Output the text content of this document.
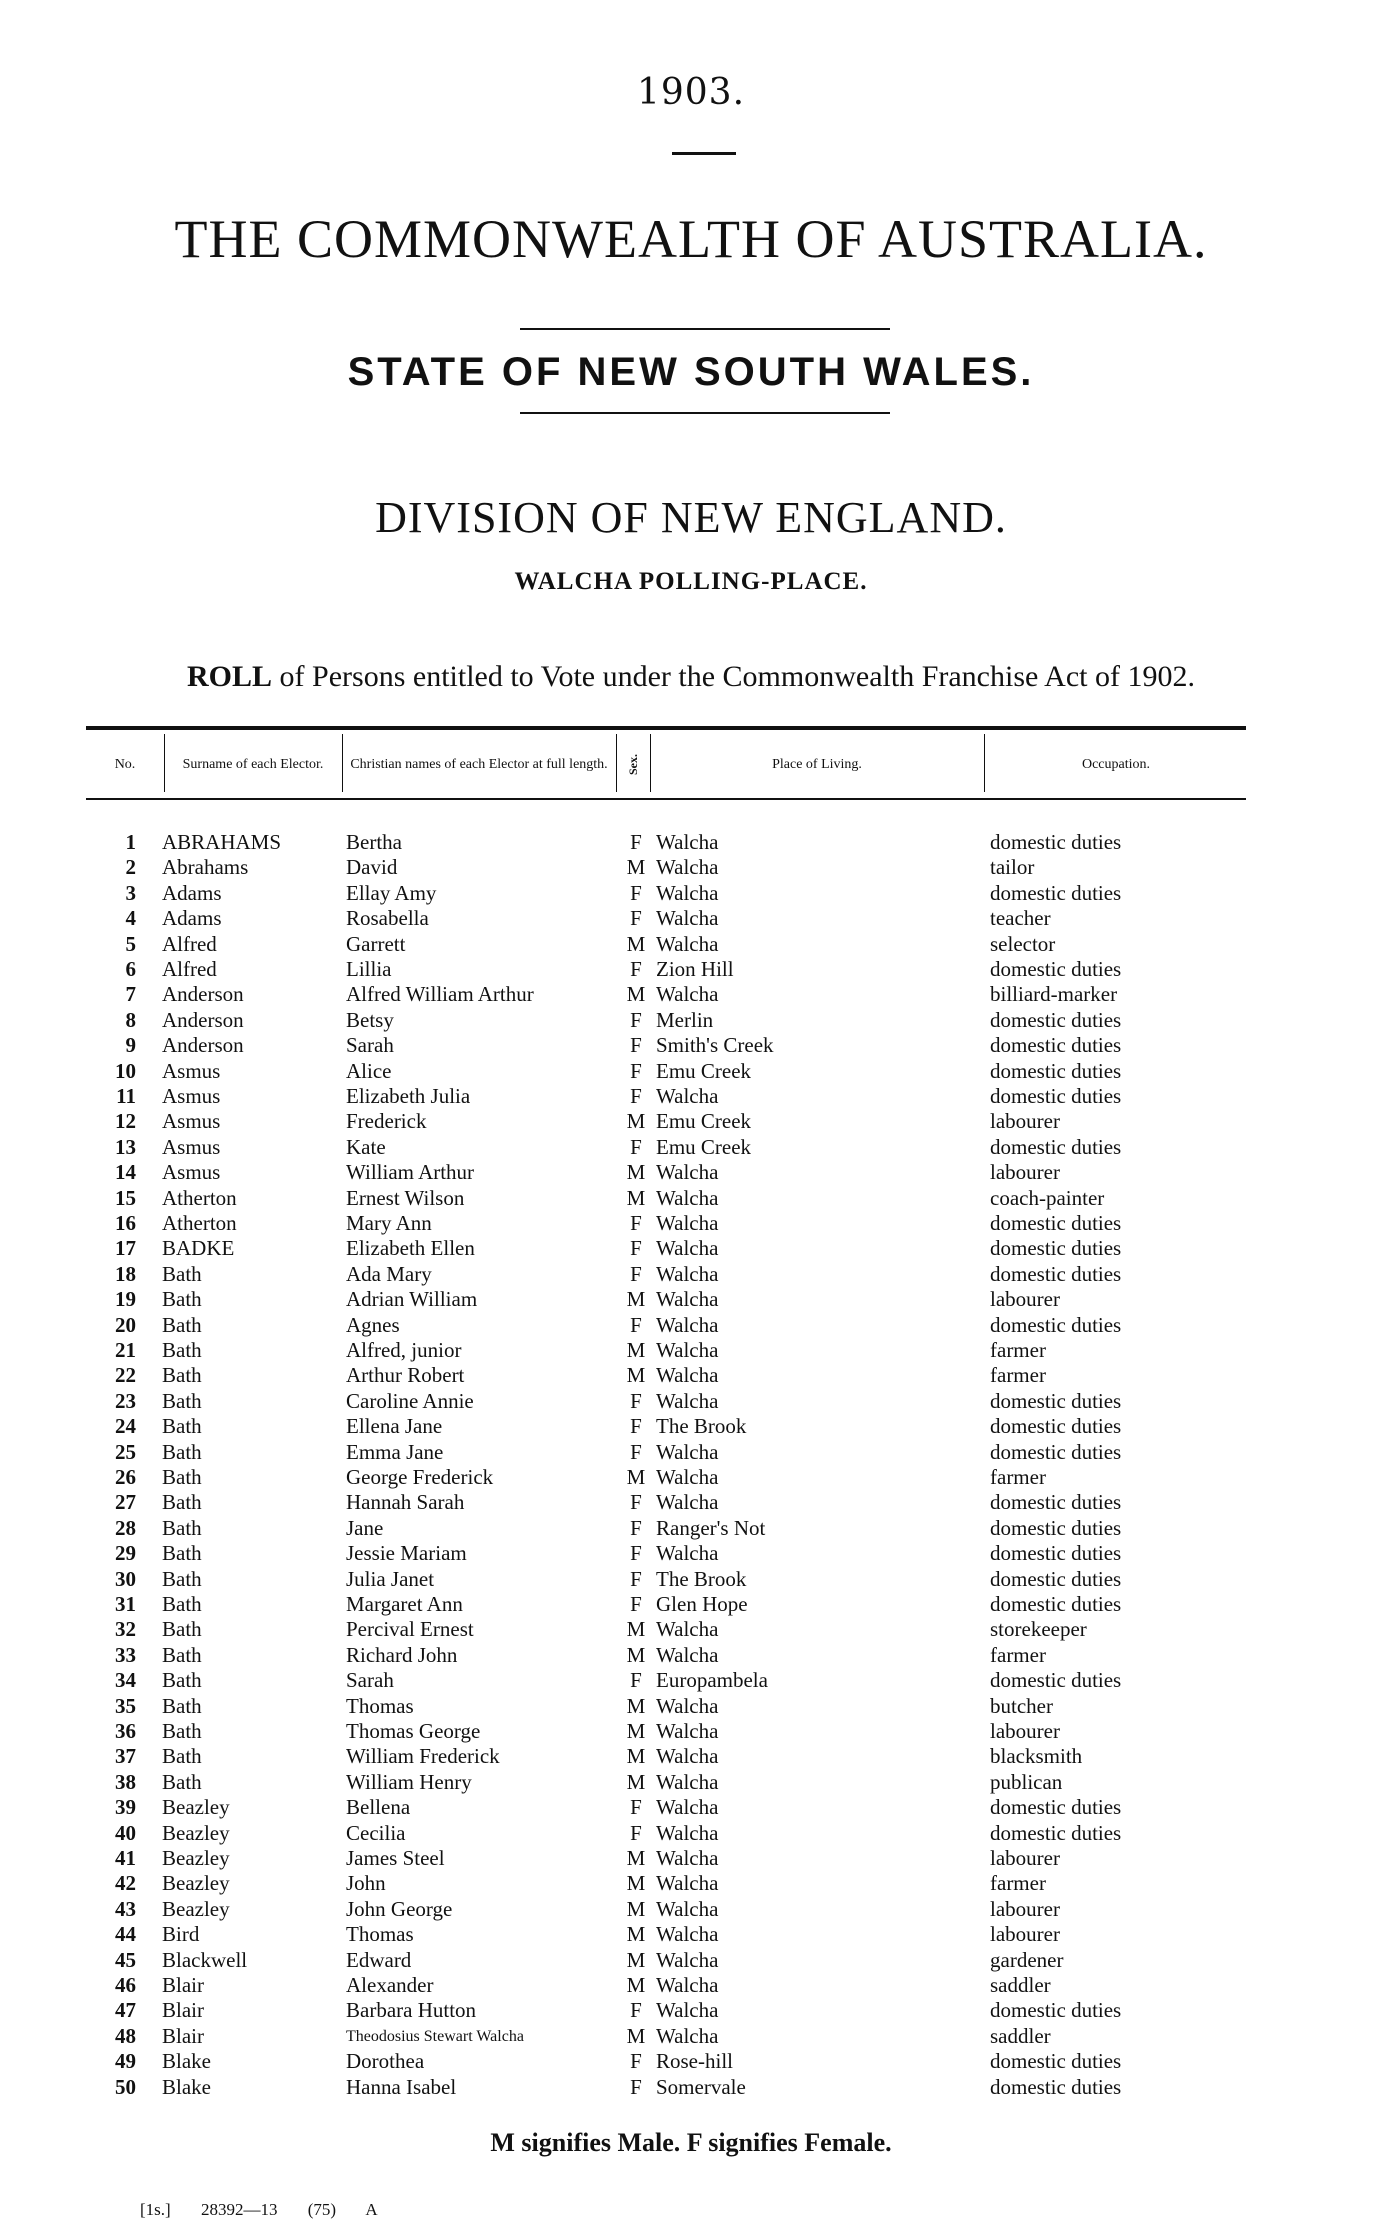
1903.
THE COMMONWEALTH OF AUSTRALIA.
STATE OF NEW SOUTH WALES.
DIVISION OF NEW ENGLAND.
WALCHA POLLING-PLACE.
ROLL of Persons entitled to Vote under the Commonwealth Franchise Act of 1902.
No.	Surname of each Elector.	Christian names of each Elector at full length.	Sex.	Place of Living.	Occupation.
1 ABRAHAMS	Bertha	F Walcha	domestic duties
2 Abrahams	David	M Walcha	tailor
3 Adams	Ellay Amy	F Walcha	domestic duties
4 Adams	Rosabella	F Walcha	teacher
5 Alfred	Garrett	M Walcha	selector
6 Alfred	Lillia	F Zion Hill	domestic duties
7 Anderson	Alfred William Arthur	M Walcha	billiard-marker
8 Anderson	Betsy	F Merlin	domestic duties
9 Anderson	Sarah	F Smith's Creek	domestic duties
10 Asmus	Alice	F Emu Creek	domestic duties
11 Asmus	Elizabeth Julia	F Walcha	domestic duties
12 Asmus	Frederick	M Emu Creek	labourer
13 Asmus	Kate	F Emu Creek	domestic duties
14 Asmus	William Arthur	M Walcha	labourer
15 Atherton	Ernest Wilson	M Walcha	coach-painter
16 Atherton	Mary Ann	F Walcha	domestic duties
17 BADKE	Elizabeth Ellen	F Walcha	domestic duties
18 Bath	Ada Mary	F Walcha	domestic duties
19 Bath	Adrian William	M Walcha	labourer
20 Bath	Agnes	F Walcha	domestic duties
21 Bath	Alfred, junior	M Walcha	farmer
22 Bath	Arthur Robert	M Walcha	farmer
23 Bath	Caroline Annie	F Walcha	domestic duties
24 Bath	Ellena Jane	F The Brook	domestic duties
25 Bath	Emma Jane	F Walcha	domestic duties
26 Bath	George Frederick	M Walcha	farmer
27 Bath	Hannah Sarah	F Walcha	domestic duties
28 Bath	Jane	F Ranger's Not	domestic duties
29 Bath	Jessie Mariam	F Walcha	domestic duties
30 Bath	Julia Janet	F The Brook	domestic duties
31 Bath	Margaret Ann	F Glen Hope	domestic duties
32 Bath	Percival Ernest	M Walcha	storekeeper
33 Bath	Richard John	M Walcha	farmer
34 Bath	Sarah	F Europambela	domestic duties
35 Bath	Thomas	M Walcha	butcher
36 Bath	Thomas George	M Walcha	labourer
37 Bath	William Frederick	M Walcha	blacksmith
38 Bath	William Henry	M Walcha	publican
39 Beazley	Bellena	F Walcha	domestic duties
40 Beazley	Cecilia	F Walcha	domestic duties
41 Beazley	James Steel	M Walcha	labourer
42 Beazley	John	M Walcha	farmer
43 Beazley	John George	M Walcha	labourer
44 Bird	Thomas	M Walcha	labourer
45 Blackwell	Edward	M Walcha	gardener
46 Blair	Alexander	M Walcha	saddler
47 Blair	Barbara Hutton	F Walcha	domestic duties
48 Blair	Theodosius Stewart Walcha	M Walcha	saddler
49 Blake	Dorothea	F Rose-hill	domestic duties
50 Blake	Hanna Isabel	F Somervale	domestic duties
M signifies Male. F signifies Female.
[1s.] 28392—13 (75) A
